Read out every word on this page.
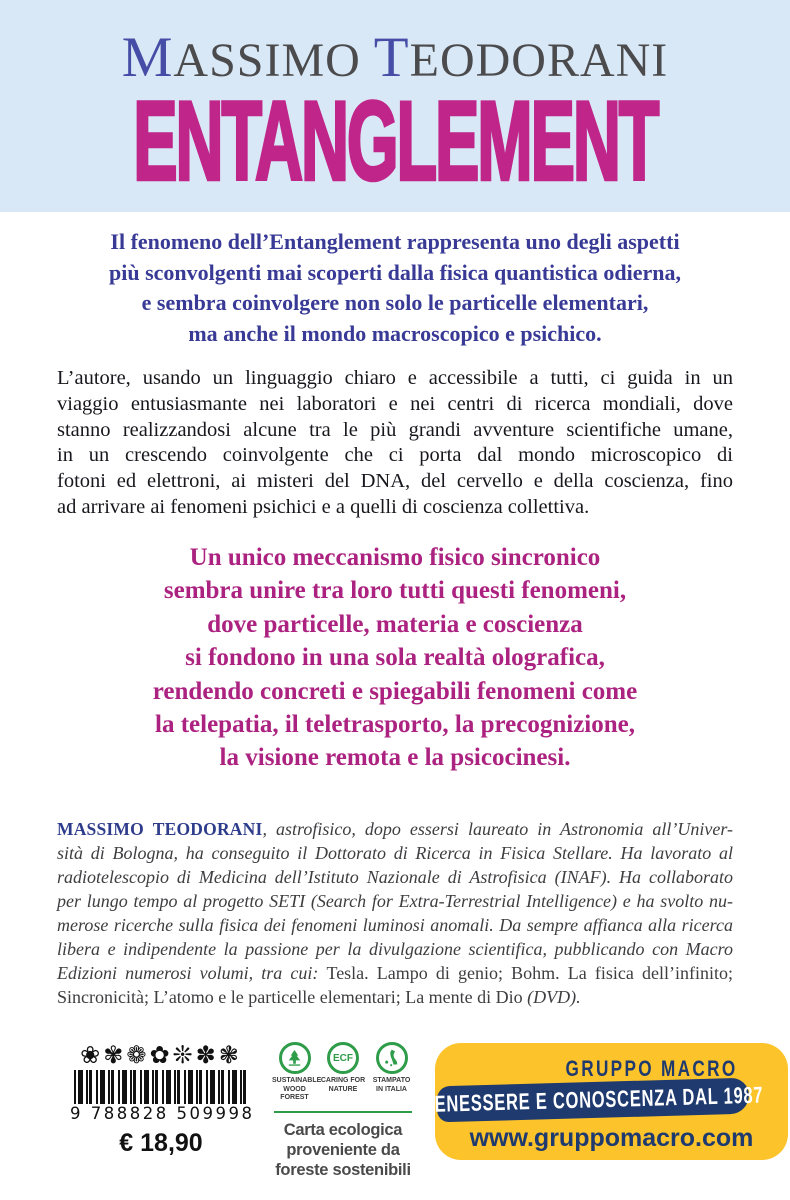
MASSIMO TEODORANI
ENTANGLEMENT
Il fenomeno dell’Entanglement rappresenta uno degli aspetti
più sconvolgenti mai scoperti dalla fisica quantistica odierna,
e sembra coinvolgere non solo le particelle elementari,
ma anche il mondo macroscopico e psichico.
L’autore, usando un linguaggio chiaro e accessibile a tutti, ci guida in un
viaggio entusiasmante nei laboratori e nei centri di ricerca mondiali, dove
stanno realizzandosi alcune tra le più grandi avventure scientifiche umane,
in un crescendo coinvolgente che ci porta dal mondo microscopico di
fotoni ed elettroni, ai misteri del DNA, del cervello e della coscienza, fino
ad arrivare ai fenomeni psichici e a quelli di coscienza collettiva.
Un unico meccanismo fisico sincronico
sembra unire tra loro tutti questi fenomeni,
dove particelle, materia e coscienza
si fondono in una sola realtà olografica,
rendendo concreti e spiegabili fenomeni come
la telepatia, il teletrasporto, la precognizione,
la visione remota e la psicocinesi.
MASSIMO TEODORANI, astrofisico, dopo essersi laureato in Astronomia all’Univer-
sità di Bologna, ha conseguito il Dottorato di Ricerca in Fisica Stellare. Ha lavorato al
radiotelescopio di Medicina dell’Istituto Nazionale di Astrofisica (INAF). Ha collaborato
per lungo tempo al progetto SETI (Search for Extra-Terrestrial Intelligence) e ha svolto nu-
merose ricerche sulla fisica dei fenomeni luminosi anomali. Da sempre affianca alla ricerca
libera e indipendente la passione per la divulgazione scientifica, pubblicando con Macro
Edizioni numerosi volumi, tra cui: Tesla. Lampo di genio; Bohm. La fisica dell’infinito;
Sincronicità; L’atomo e le particelle elementari; La mente di Dio (DVD).
❀✾❁✿❊✽❃
9 788828 509998
€ 18,90
SUSTAINABLE
WOOD FOREST
ECF
CARING FOR
NATURE
STAMPATO
IN ITALIA
Carta ecologica
proveniente da
foreste sostenibili
GRUPPO MACRO
BENESSERE E CONOSCENZA DAL 1987
www.gruppomacro.com
